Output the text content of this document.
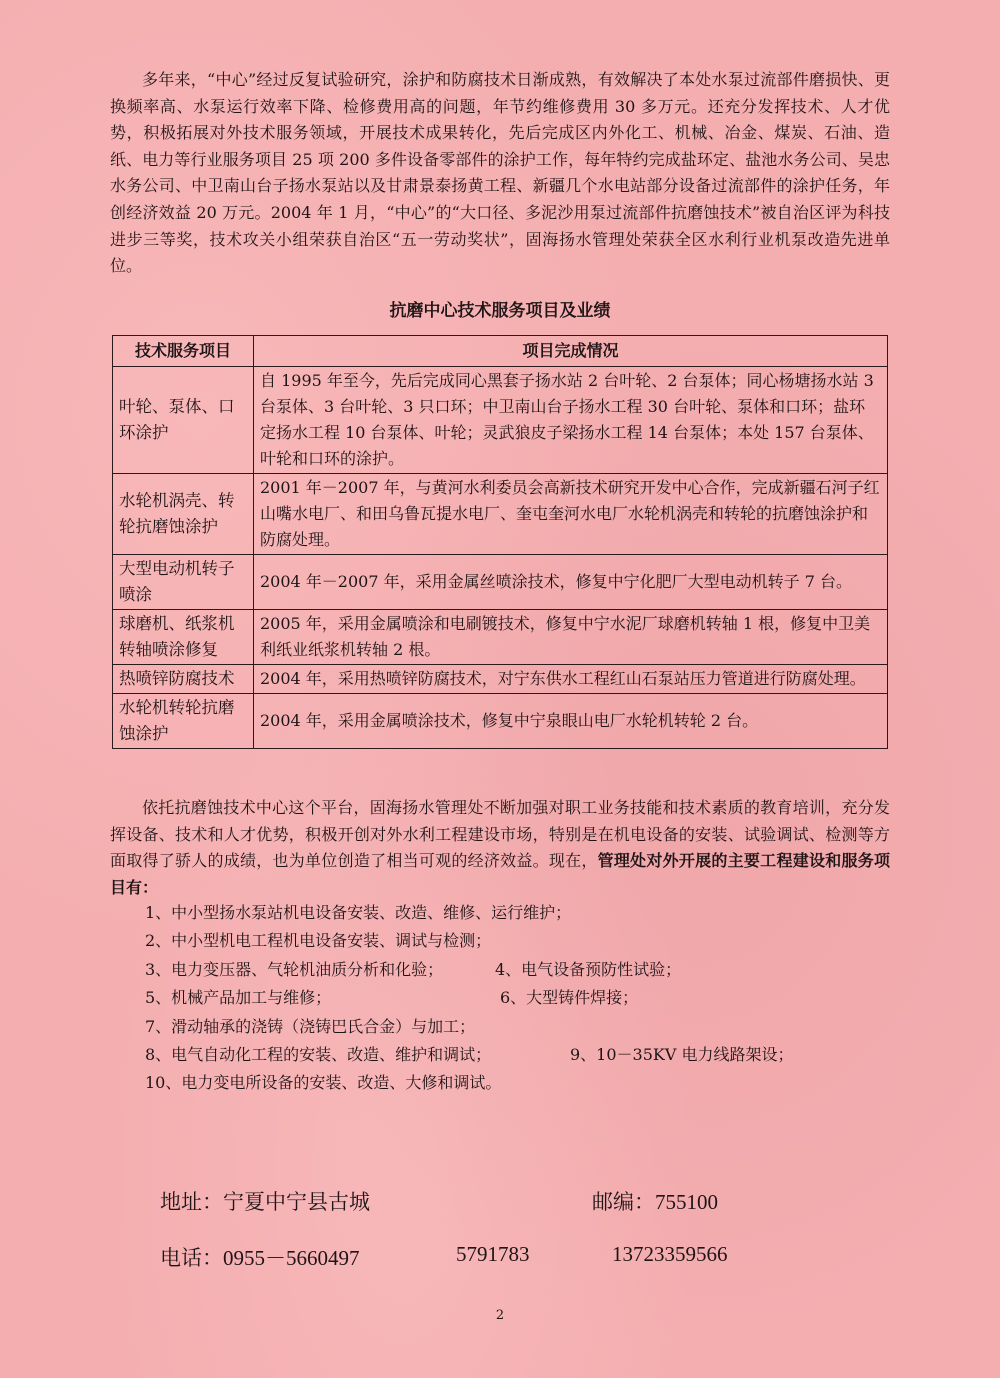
多年来，“中心”经过反复试验研究，涂护和防腐技术日渐成熟，有效解决了本处水泵过流部件磨损快、更换频率高、水泵运行效率下降、检修费用高的问题，年节约维修费用 30 多万元。还充分发挥技术、人才优势，积极拓展对外技术服务领域，开展技术成果转化，先后完成区内外化工、机械、冶金、煤炭、石油、造纸、电力等行业服务项目 25 项 200 多件设备零部件的涂护工作，每年特约完成盐环定、盐池水务公司、吴忠水务公司、中卫南山台子扬水泵站以及甘肃景泰扬黄工程、新疆几个水电站部分设备过流部件的涂护任务，年创经济效益 20 万元。2004 年 1 月，“中心”的“大口径、多泥沙用泵过流部件抗磨蚀技术”被自治区评为科技进步三等奖，技术攻关小组荣获自治区“五一劳动奖状”，固海扬水管理处荣获全区水利行业机泵改造先进单位。

抗磨中心技术服务项目及业绩

技术服务项目	项目完成情况
叶轮、泵体、口环涂护	自 1995 年至今，先后完成同心黑套子扬水站 2 台叶轮、2 台泵体；同心杨塘扬水站 3 台泵体、3 台叶轮、3 只口环；中卫南山台子扬水工程 30 台叶轮、泵体和口环；盐环定扬水工程 10 台泵体、叶轮；灵武狼皮子梁扬水工程 14 台泵体；本处 157 台泵体、叶轮和口环的涂护。
水轮机涡壳、转轮抗磨蚀涂护	2001 年－2007 年，与黄河水利委员会高新技术研究开发中心合作，完成新疆石河子红山嘴水电厂、和田乌鲁瓦提水电厂、奎屯奎河水电厂水轮机涡壳和转轮的抗磨蚀涂护和防腐处理。
大型电动机转子喷涂	2004 年－2007 年，采用金属丝喷涂技术，修复中宁化肥厂大型电动机转子 7 台。
球磨机、纸浆机转轴喷涂修复	2005 年，采用金属喷涂和电刷镀技术，修复中宁水泥厂球磨机转轴 1 根，修复中卫美利纸业纸浆机转轴 2 根。
热喷锌防腐技术	2004 年，采用热喷锌防腐技术，对宁东供水工程红山石泵站压力管道进行防腐处理。
水轮机转轮抗磨蚀涂护	2004 年，采用金属喷涂技术，修复中宁泉眼山电厂水轮机转轮 2 台。

依托抗磨蚀技术中心这个平台，固海扬水管理处不断加强对职工业务技能和技术素质的教育培训，充分发挥设备、技术和人才优势，积极开创对外水利工程建设市场，特别是在机电设备的安装、试验调试、检测等方面取得了骄人的成绩，也为单位创造了相当可观的经济效益。现在，管理处对外开展的主要工程建设和服务项目有：

1、中小型扬水泵站机电设备安装、改造、维修、运行维护；
2、中小型机电工程机电设备安装、调试与检测；
3、电力变压器、气轮机油质分析和化验；	4、电气设备预防性试验；
5、机械产品加工与维修；	6、大型铸件焊接；
7、滑动轴承的浇铸（浇铸巴氏合金）与加工；
8、电气自动化工程的安装、改造、维护和调试；	9、10－35KV 电力线路架设；
10、电力变电所设备的安装、改造、大修和调试。
地址：宁夏中宁县古城	邮编：755100
电话：0955－5660497	5791783	13723359566
2
